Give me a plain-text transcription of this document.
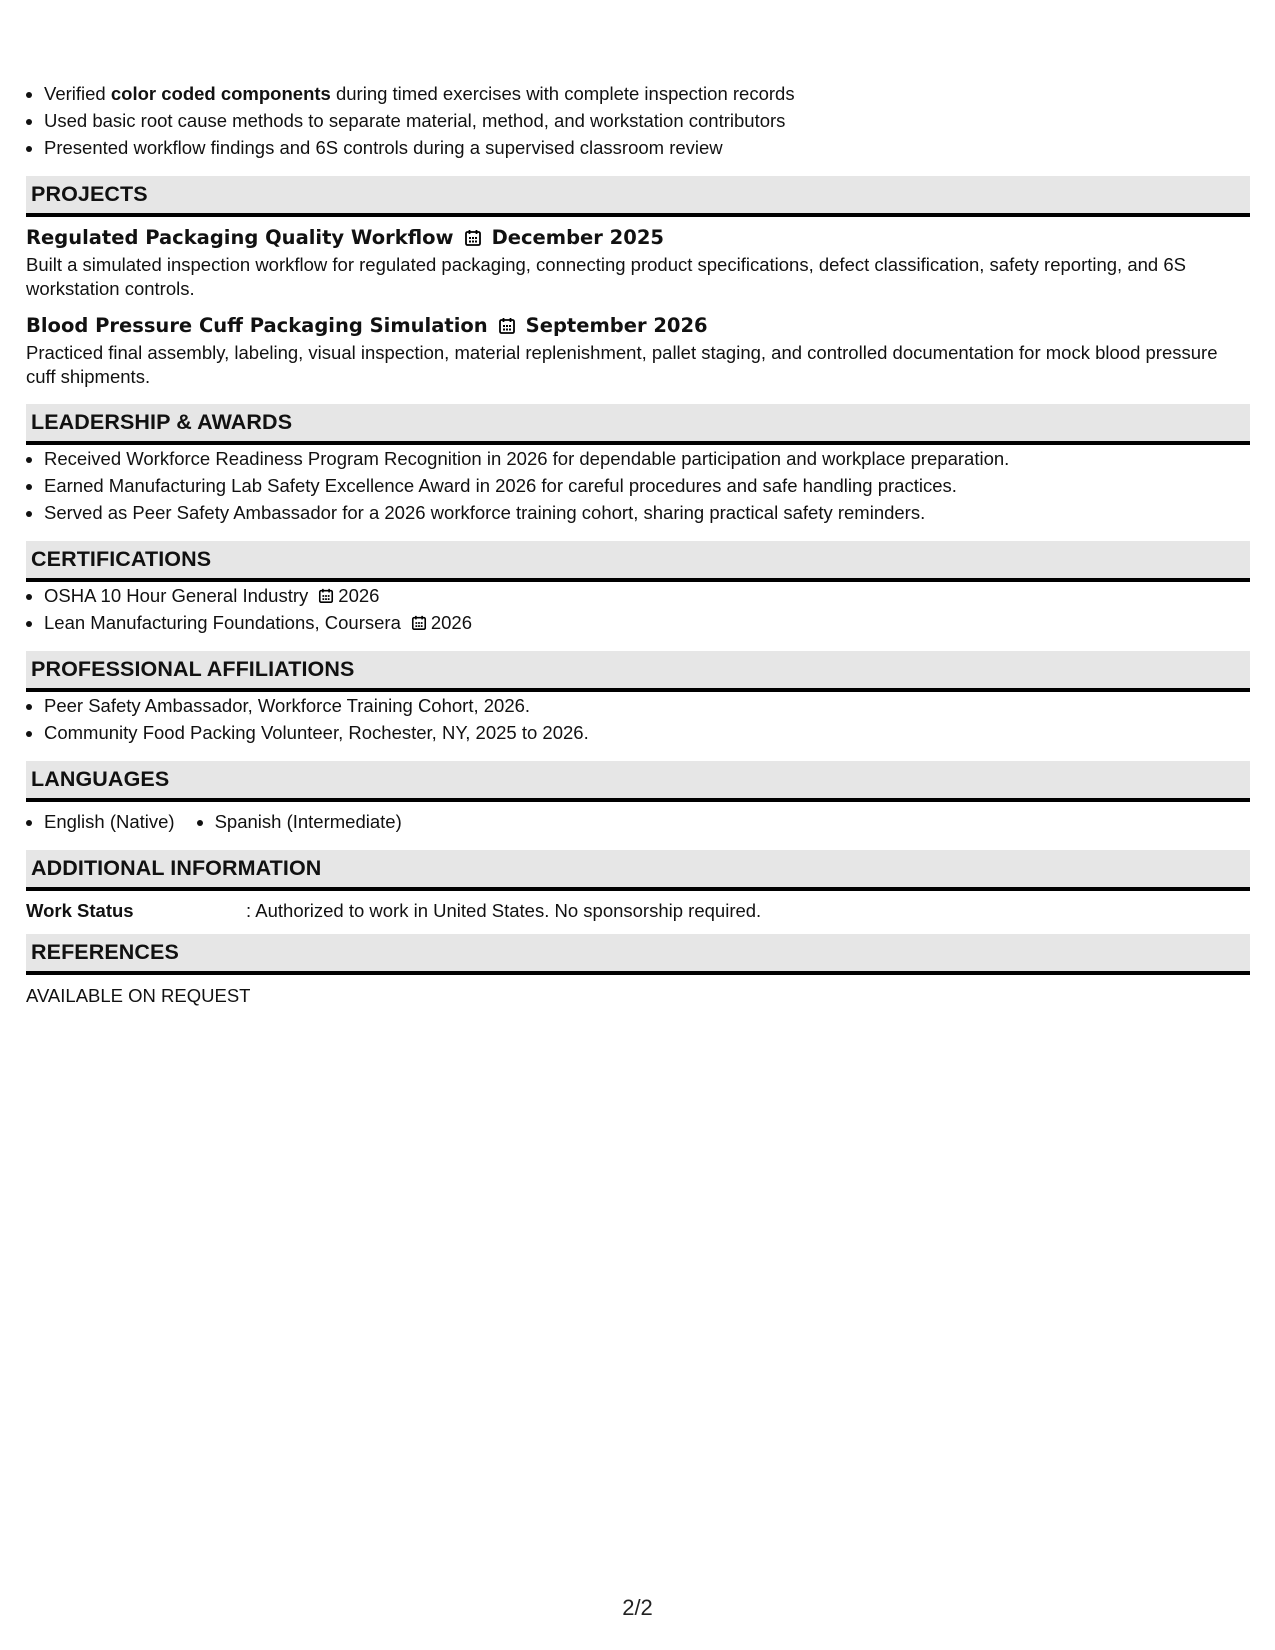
• Verified color coded components during timed exercises with complete inspection records
• Used basic root cause methods to separate material, method, and workstation contributors
• Presented workflow findings and 6S controls during a supervised classroom review
PROJECTS
Regulated Packaging Quality Workflow December 2025
Built a simulated inspection workflow for regulated packaging, connecting product specifications, defect classification, safety reporting, and 6S workstation controls.
Blood Pressure Cuff Packaging Simulation September 2026
Practiced final assembly, labeling, visual inspection, material replenishment, pallet staging, and controlled documentation for mock blood pressure cuff shipments.
LEADERSHIP & AWARDS
• Received Workforce Readiness Program Recognition in 2026 for dependable participation and workplace preparation.
• Earned Manufacturing Lab Safety Excellence Award in 2026 for careful procedures and safe handling practices.
• Served as Peer Safety Ambassador for a 2026 workforce training cohort, sharing practical safety reminders.
CERTIFICATIONS
• OSHA 10 Hour General Industry 2026
• Lean Manufacturing Foundations, Coursera 2026
PROFESSIONAL AFFILIATIONS
• Peer Safety Ambassador, Workforce Training Cohort, 2026.
• Community Food Packing Volunteer, Rochester, NY, 2025 to 2026.
LANGUAGES
• English (Native)
• Spanish (Intermediate)
ADDITIONAL INFORMATION
Work Status	: Authorized to work in United States. No sponsorship required.
REFERENCES
AVAILABLE ON REQUEST
2/2
